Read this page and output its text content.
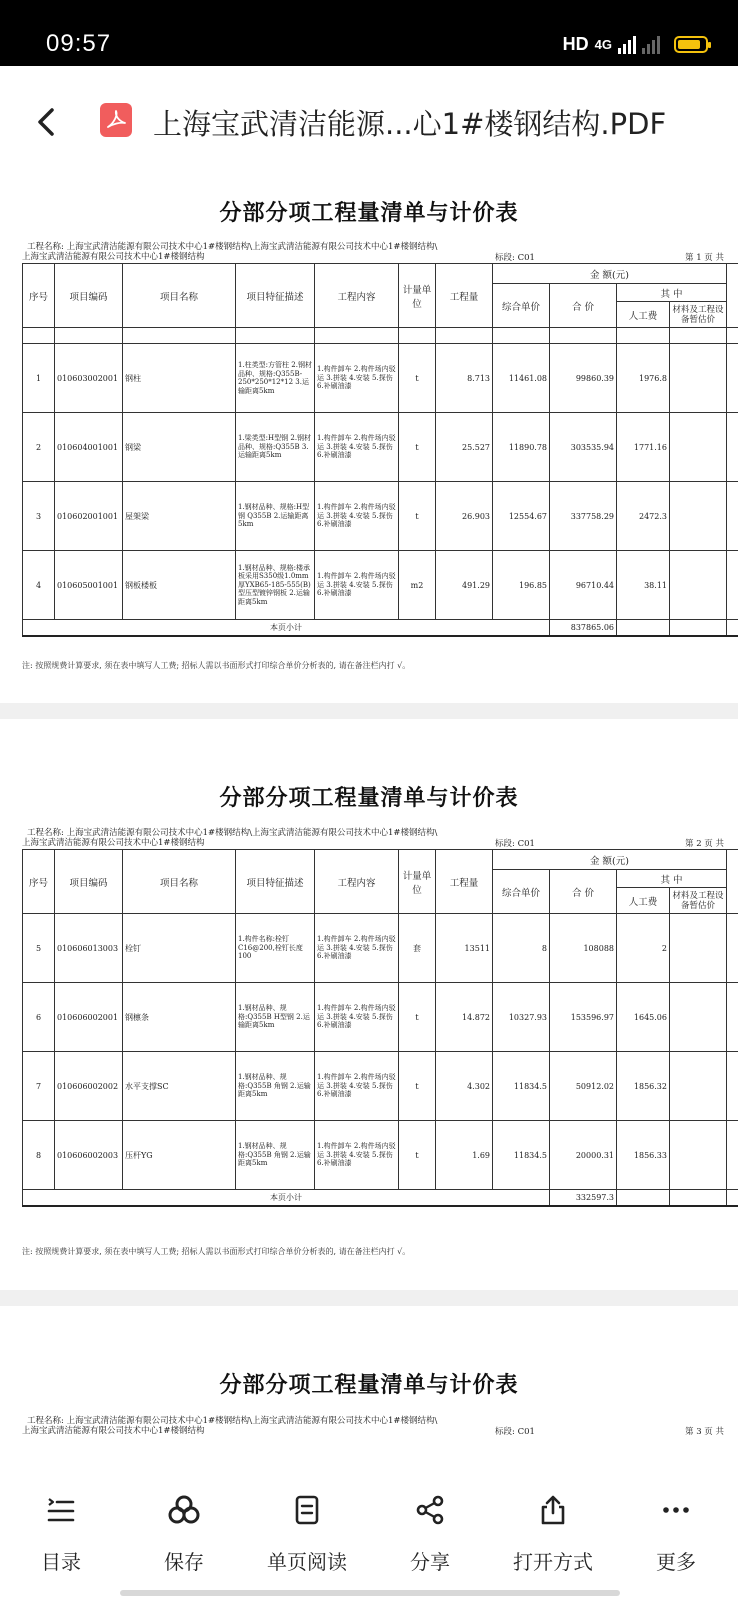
09:57	HD 4G
上海宝武清洁能源...心1#楼钢结构.PDF
分部分项工程量清单与计价表
工程名称: 上海宝武清洁能源有限公司技术中心1#楼钢结构\上海宝武清洁能源有限公司技术中心1#楼钢结构\
上海宝武清洁能源有限公司技术中心1#楼钢结构	标段: C01	第 1 页 共
序号	项目编码	项目名称	项目特征描述	工程内容	计量单位	工程量	金 额(元)				
							综合单价	合 价	其 中		
									人工费	材料及工程设备暂估价	

1	010603002001	钢柱	1.柱类型:方管柱 2.钢材品种、规格:Q355B-250*250*12*12 3.运输距离5km	1.构件卸车 2.构件场内驳运 3.拼装 4.安装 5.探伤 6.补刷油漆	t	8.713	11461.08	99860.39	1976.8		
2	010604001001	钢梁	1.梁类型:H型钢 2.钢材品种、规格:Q355B 3.运输距离5km	1.构件卸车 2.构件场内驳运 3.拼装 4.安装 5.探伤 6.补刷油漆	t	25.527	11890.78	303535.94	1771.16		
3	010602001001	屋架梁	1.钢材品种、规格:H型钢 Q355B 2.运输距离5km	1.构件卸车 2.构件场内驳运 3.拼装 4.安装 5.探伤 6.补刷油漆	t	26.903	12554.67	337758.29	2472.3		
4	010605001001	钢板楼板	1.钢材品种、规格:楼承板采用S350级1.0mm厚YXB65-185-555(B)型压型镀锌钢板 2.运输距离5km	1.构件卸车 2.构件场内驳运 3.拼装 4.安装 5.探伤 6.补刷油漆	m2	491.29	196.85	96710.44	38.11		
本页小计								837865.06			
注: 按照规费计算要求, 须在表中填写人工费; 招标人需以书面形式打印综合单价分析表的, 请在备注栏内打 √。
分部分项工程量清单与计价表
工程名称: 上海宝武清洁能源有限公司技术中心1#楼钢结构\上海宝武清洁能源有限公司技术中心1#楼钢结构\
上海宝武清洁能源有限公司技术中心1#楼钢结构	标段: C01	第 2 页 共
序号	项目编码	项目名称	项目特征描述	工程内容	计量单位	工程量	金 额(元)				
							综合单价	合 价	其 中		
									人工费	材料及工程设备暂估价	
5	010606013003	栓钉	1.构件名称:栓钉C16@200,栓钉长度100	1.构件卸车 2.构件场内驳运 3.拼装 4.安装 5.探伤 6.补刷油漆	套	13511	8	108088	2		
6	010606002001	钢檩条	1.钢材品种、规格:Q355B H型钢 2.运输距离5km	1.构件卸车 2.构件场内驳运 3.拼装 4.安装 5.探伤 6.补刷油漆	t	14.872	10327.93	153596.97	1645.06		
7	010606002002	水平支撑SC	1.钢材品种、规格:Q355B 角钢 2.运输距离5km	1.构件卸车 2.构件场内驳运 3.拼装 4.安装 5.探伤 6.补刷油漆	t	4.302	11834.5	50912.02	1856.32		
8	010606002003	压杆YG	1.钢材品种、规格:Q355B 角钢 2.运输距离5km	1.构件卸车 2.构件场内驳运 3.拼装 4.安装 5.探伤 6.补刷油漆	t	1.69	11834.5	20000.31	1856.33		
本页小计								332597.3			
注: 按照规费计算要求, 须在表中填写人工费; 招标人需以书面形式打印综合单价分析表的, 请在备注栏内打 √。
分部分项工程量清单与计价表
工程名称: 上海宝武清洁能源有限公司技术中心1#楼钢结构\上海宝武清洁能源有限公司技术中心1#楼钢结构\
上海宝武清洁能源有限公司技术中心1#楼钢结构	标段: C01	第 3 页 共
目录	保存	单页阅读	分享	打开方式	更多
